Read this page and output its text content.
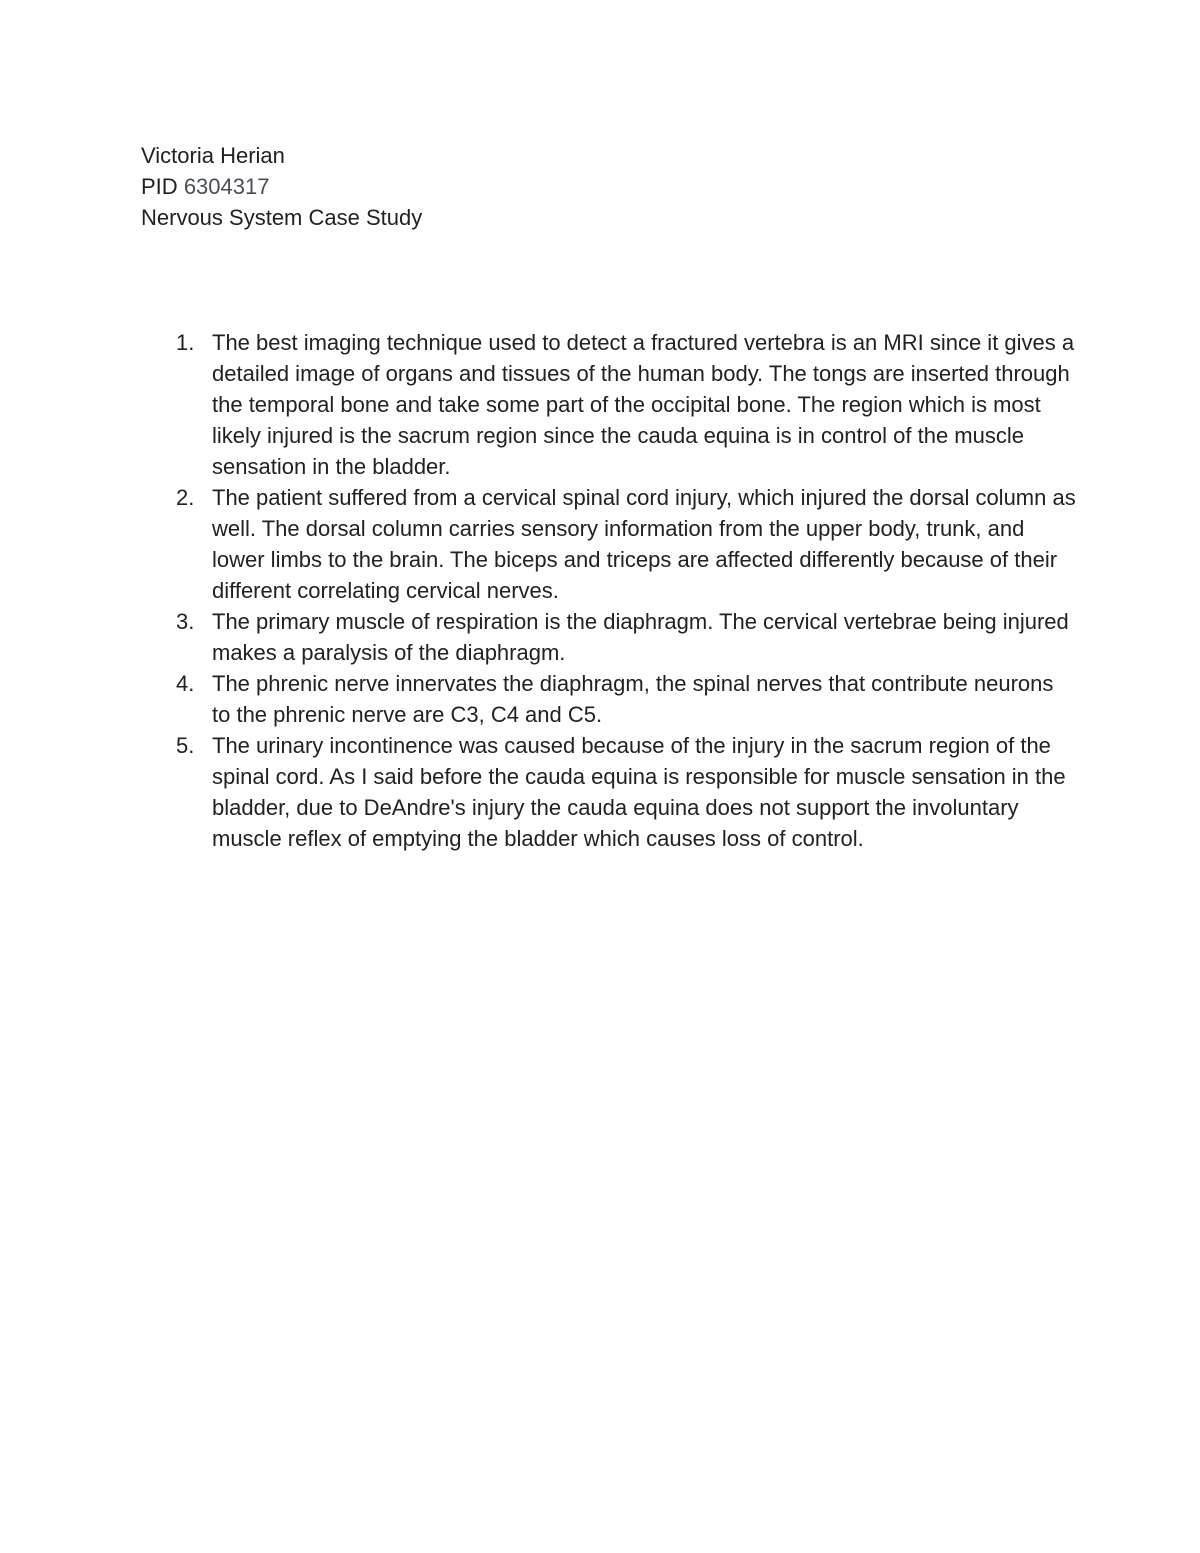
Victoria Herian
PID 6304317
Nervous System Case Study
1. The best imaging technique used to detect a fractured vertebra is an MRI since it gives a detailed image of organs and tissues of the human body. The tongs are inserted through the temporal bone and take some part of the occipital bone. The region which is most likely injured is the sacrum region since the cauda equina is in control of the muscle sensation in the bladder.
2. The patient suffered from a cervical spinal cord injury, which injured the dorsal column as well. The dorsal column carries sensory information from the upper body, trunk, and lower limbs to the brain. The biceps and triceps are affected differently because of their different correlating cervical nerves.
3. The primary muscle of respiration is the diaphragm. The cervical vertebrae being injured makes a paralysis of the diaphragm.
4. The phrenic nerve innervates the diaphragm, the spinal nerves that contribute neurons to the phrenic nerve are C3, C4 and C5.
5. The urinary incontinence was caused because of the injury in the sacrum region of the spinal cord. As I said before the cauda equina is responsible for muscle sensation in the bladder, due to DeAndre's injury the cauda equina does not support the involuntary muscle reflex of emptying the bladder which causes loss of control.
